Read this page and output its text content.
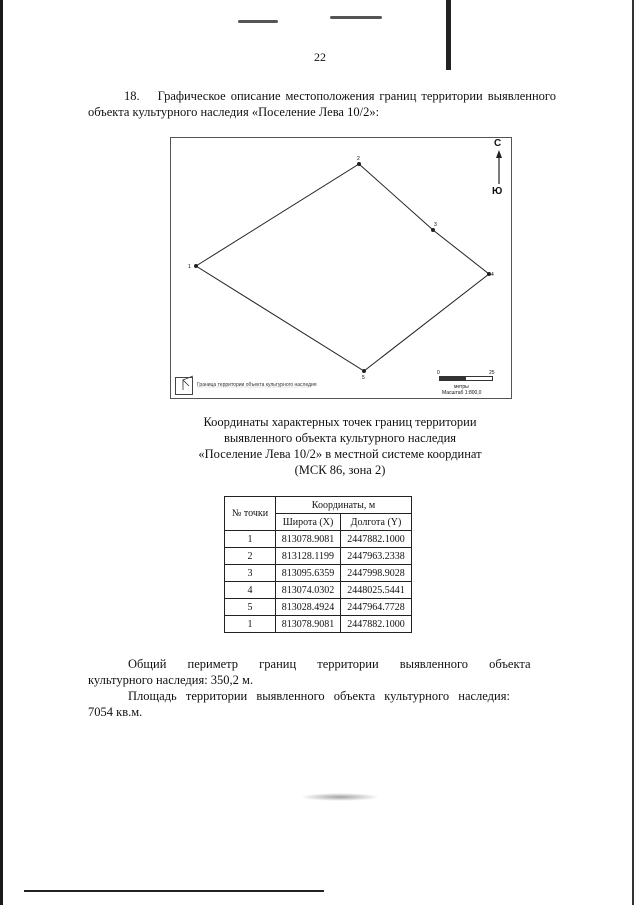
22
18. Графическое описание местоположения границ территории выявленного объекта культурного наследия «Поселение Лева 10/2»:
1
2
3
4
5
Граница территории объекта культурного наследия
С
Ю
0	25
метры
Масштаб 1:800,0
Координаты характерных точек границ территории
выявленного объекта культурного наследия
«Поселение Лева 10/2» в местной системе координат
(МСК 86, зона 2)
№ точки	Координаты, м	
	Широта (X)	Долгота (Y)
1	813078.9081	2447882.1000
2	813128.1199	2447963.2338
3	813095.6359	2447998.9028
4	813074.0302	2448025.5441
5	813028.4924	2447964.7728
1	813078.9081	2447882.1000
Общий периметр границ территории выявленного объекта
культурного наследия: 350,2 м.
Площадь территории выявленного объекта культурного наследия:
7054 кв.м.
